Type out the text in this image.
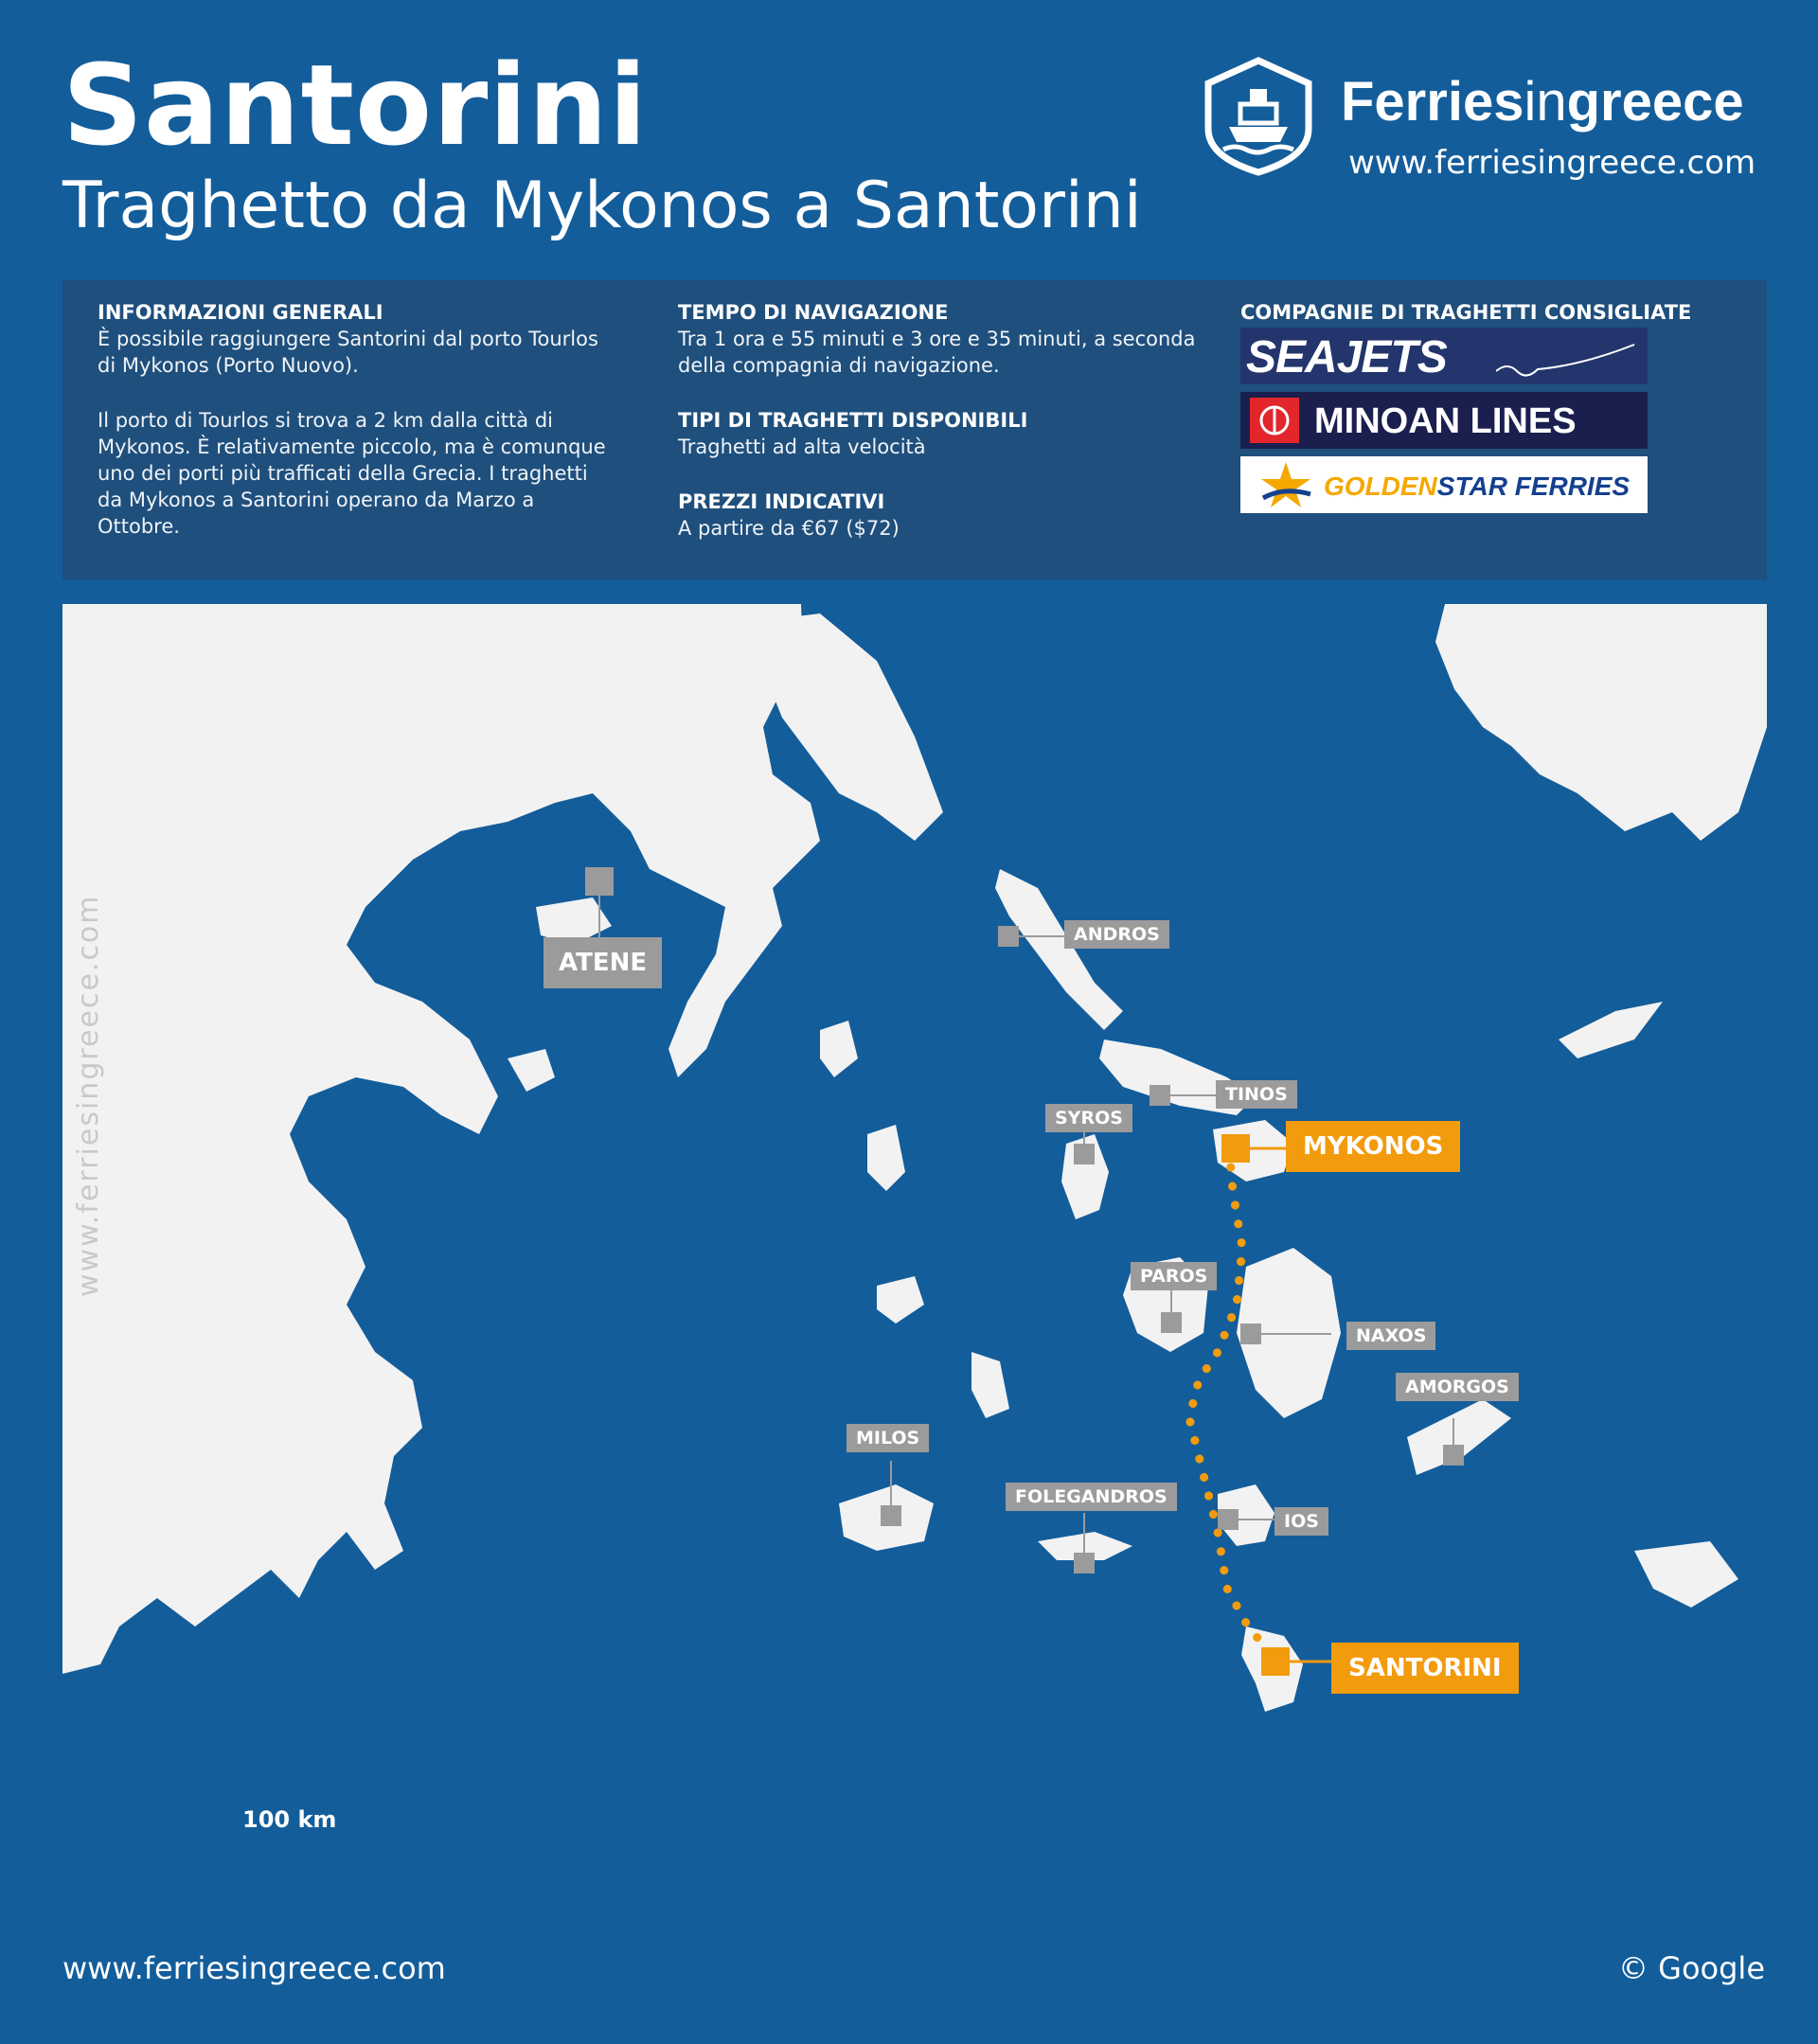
Santorini
Traghetto da Mykonos a Santorini
Ferriesingreece
www.ferriesingreece.com
INFORMAZIONI GENERALI

È possibile raggiungere Santorini dal porto Tourlos di Mykonos (Porto Nuovo).

Il porto di Tourlos si trova a 2 km dalla città di Mykonos. È relativamente piccolo, ma è comunque uno dei porti più trafficati della Grecia. I traghetti da Mykonos a Santorini operano da Marzo a Ottobre.

TEMPO DI NAVIGAZIONE

Tra 1 ora e 55 minuti e 3 ore e 35 minuti, a seconda della compagnia di navigazione.

TIPI DI TRAGHETTI DISPONIBILI

Traghetti ad alta velocità

PREZZI INDICATIVI

A partire da €67 ($72)

COMPAGNIE DI TRAGHETTI CONSIGLIATE
SEAJETS
MINOAN LINES
GOLDENSTAR FERRIES
www.ferriesingreece.com	ATENE
ANDROS
TINOS
SYROS
PAROS
NAXOS
AMORGOS
MILOS
FOLEGANDROS
IOS
MYKONOS
SANTORINI
100 km
www.ferriesingreece.com	© Google
